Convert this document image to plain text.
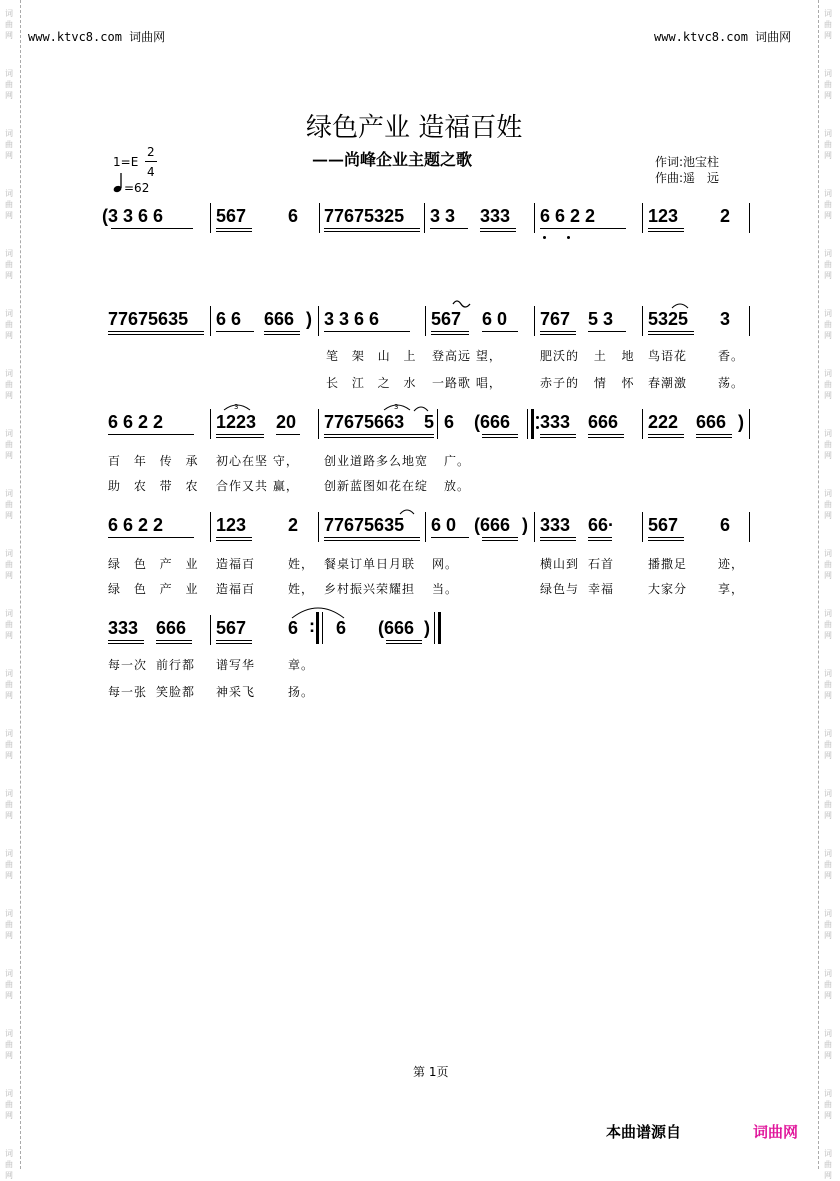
词
曲
网
词
曲
网
词
曲
网
词
曲
网
词
曲
网
词
曲
网
词
曲
网
词
曲
网
词
曲
网
词
曲
网
词
曲
网
词
曲
网
词
曲
网
词
曲
网
词
曲
网
词
曲
网
词
曲
网
词
曲
网
词
曲
网
词
曲
网
词
曲
网
词
曲
网
词
曲
网
词
曲
网
词
曲
网
词
曲
网
词
曲
网
词
曲
网
词
曲
网
词
曲
网
词
曲
网
词
曲
网
词
曲
网
词
曲
网
词
曲
网
词
曲
网
词
曲
网
词
曲
网
词
曲
网
词
曲
网
www.ktvc8.com 词曲网	www.ktvc8.com 词曲网
绿色产业 造福百姓
——尚峰企业主题之歌
1=E
2
4
=62
作词:池宝柱
作曲:遥　远
(3 3 6 6	567 6 77675325 3 3 333 6 6 2 2	123 2
77675635 6 6 666 ) 3 3 6 6	567 6 0 767 5 3 5325 3
笔 架 山 上 登高远 望，	肥沃的 土 地 鸟语花	香。
长 江 之 水 一路歌 唱，	赤子的 情 怀 春潮激	荡。
6 6 2 2	1223 20 77675663 5 6 (666 333 666 222 666 )
3	3
百 年 传 承 初心在坚 守， 创业道路多么地宽 广。
助 农 带 农 合作又共 赢， 创新蓝图如花在绽 放。
6 6 2 2	123 2 77675635 6 0 (666 ) 333 66· 567 6
绿 色 产 业 造福百	姓， 餐桌订单日月联 网。	横山到 石首	播撒足	迹，
绿 色 产 业 造福百	姓， 乡村振兴荣耀担 当。	绿色与 幸福	大家分	享，
333 666 567 6 : 6 (666 )
每一次 前行都 谱写华	章。
每一张 笑脸都 神采飞	扬。
第 1页
本曲谱源自	词曲网
